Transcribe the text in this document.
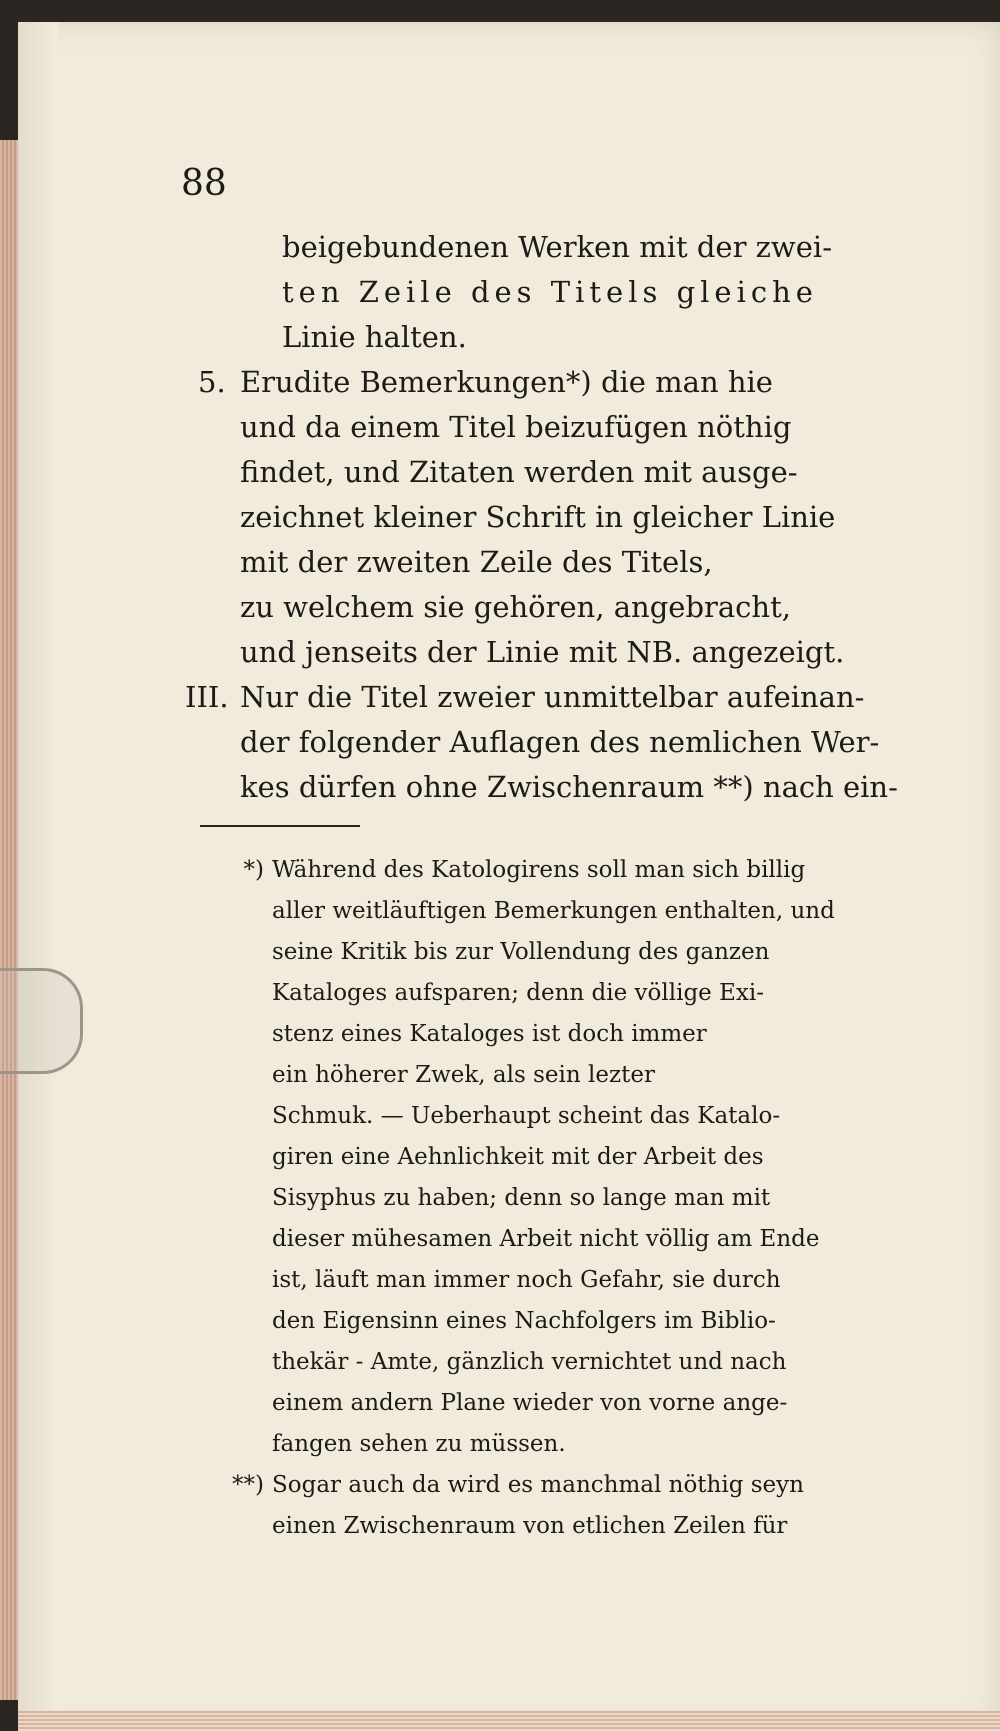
88
beigebundenen Werken mit der zwei-
ten Zeile des Titels gleiche
Linie halten.
5. Erudite Bemerkungen*) die man hie
und da einem Titel beizufügen nöthig
findet, und Zitaten werden mit ausge-
zeichnet kleiner Schrift in gleicher Linie
mit der zweiten Zeile des Titels,
zu welchem sie gehören, angebracht,
und jenseits der Linie mit NB. angezeigt.
III. Nur die Titel zweier unmittelbar aufeinan-
der folgender Auflagen des nemlichen Wer-
kes dürfen ohne Zwischenraum **) nach ein-
*) Während des Katologirens soll man sich billig
aller weitläuftigen Bemerkungen enthalten, und
seine Kritik bis zur Vollendung des ganzen
Kataloges aufsparen; denn die völlige Exi-
stenz eines Kataloges ist doch immer
ein höherer Zwek, als sein lezter
Schmuk. — Ueberhaupt scheint das Katalo-
giren eine Aehnlichkeit mit der Arbeit des
Sisyphus zu haben; denn so lange man mit
dieser mühesamen Arbeit nicht völlig am Ende
ist, läuft man immer noch Gefahr, sie durch
den Eigensinn eines Nachfolgers im Biblio-
thekär - Amte, gänzlich vernichtet und nach
einem andern Plane wieder von vorne ange-
fangen sehen zu müssen.
**) Sogar auch da wird es manchmal nöthig seyn
einen Zwischenraum von etlichen Zeilen für
